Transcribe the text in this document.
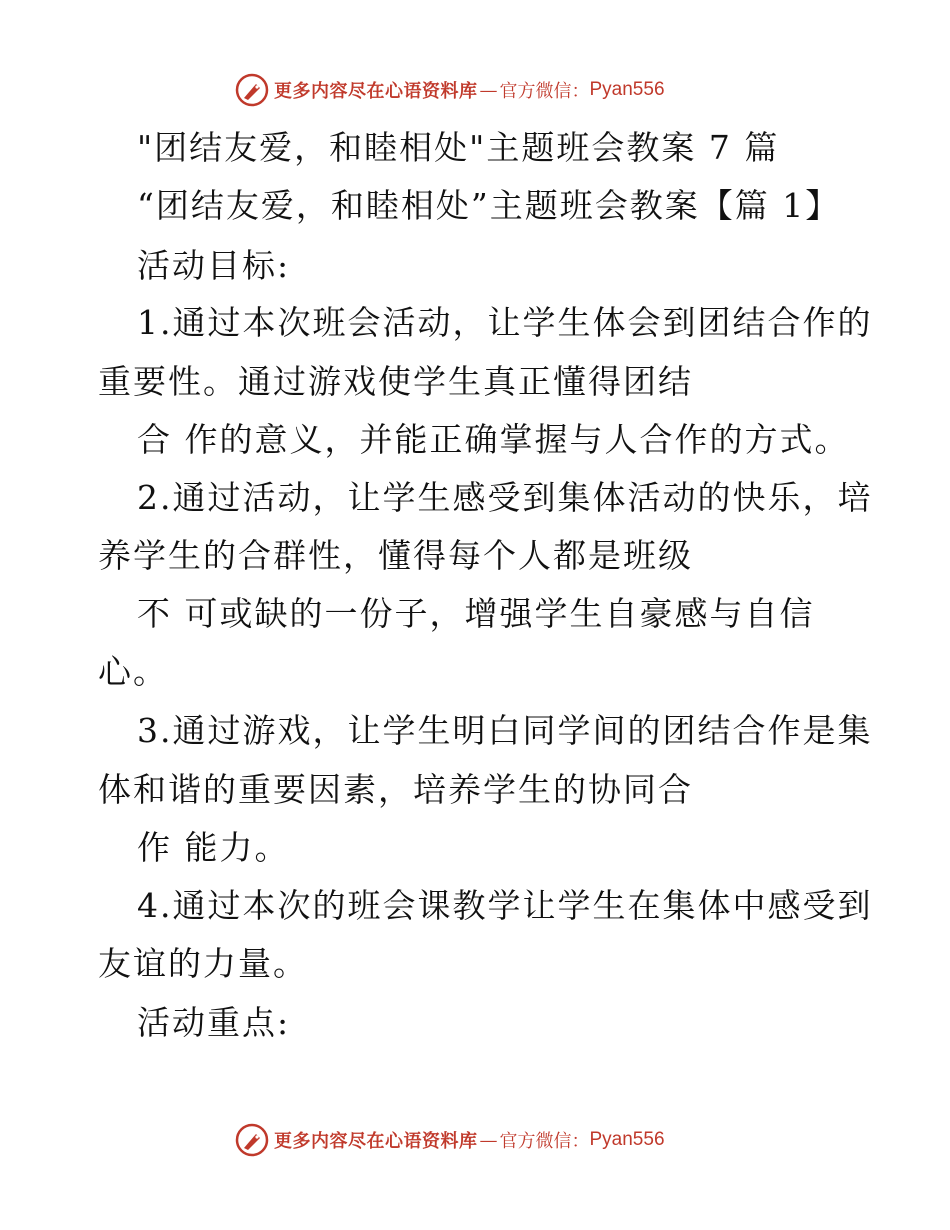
更多内容尽在心语资料库 — 官方微信： Pyan556
"团结友爱，和睦相处"主题班会教案 7 篇
“团结友爱，和睦相处”主题班会教案【篇 1】
活动目标:
1.通过本次班会活动，让学生体会到团结合作的
重要性。通过游戏使学生真正懂得团结
合 作的意义，并能正确掌握与人合作的方式。
2.通过活动，让学生感受到集体活动的快乐，培
养学生的合群性，懂得每个人都是班级
不 可或缺的一份子，增强学生自豪感与自信
心。
3.通过游戏，让学生明白同学间的团结合作是集
体和谐的重要因素，培养学生的协同合
作 能力。
4.通过本次的班会课教学让学生在集体中感受到
友谊的力量。
活动重点:
更多内容尽在心语资料库 — 官方微信： Pyan556
